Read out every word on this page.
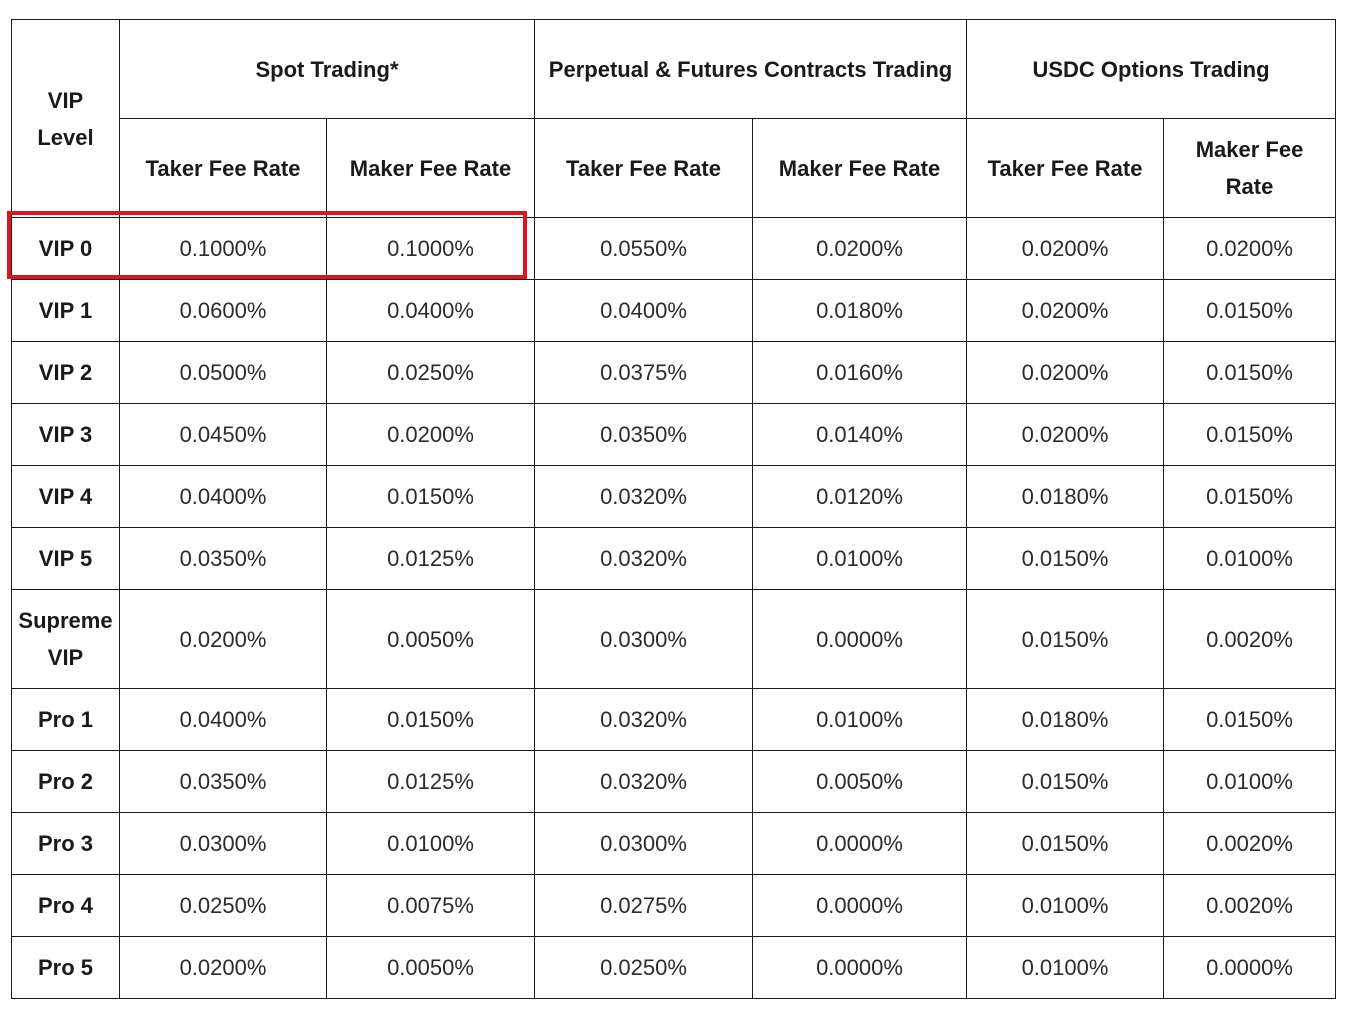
VIP Level	Spot Trading*		Perpetual & Futures Contracts Trading		USDC Options Trading	
	Taker Fee Rate	Maker Fee Rate	Taker Fee Rate	Maker Fee Rate	Taker Fee Rate	Maker Fee Rate
VIP 0	0.1000%	0.1000%	0.0550%	0.0200%	0.0200%	0.0200%
VIP 1	0.0600%	0.0400%	0.0400%	0.0180%	0.0200%	0.0150%
VIP 2	0.0500%	0.0250%	0.0375%	0.0160%	0.0200%	0.0150%
VIP 3	0.0450%	0.0200%	0.0350%	0.0140%	0.0200%	0.0150%
VIP 4	0.0400%	0.0150%	0.0320%	0.0120%	0.0180%	0.0150%
VIP 5	0.0350%	0.0125%	0.0320%	0.0100%	0.0150%	0.0100%
Supreme VIP	0.0200%	0.0050%	0.0300%	0.0000%	0.0150%	0.0020%
Pro 1	0.0400%	0.0150%	0.0320%	0.0100%	0.0180%	0.0150%
Pro 2	0.0350%	0.0125%	0.0320%	0.0050%	0.0150%	0.0100%
Pro 3	0.0300%	0.0100%	0.0300%	0.0000%	0.0150%	0.0020%
Pro 4	0.0250%	0.0075%	0.0275%	0.0000%	0.0100%	0.0020%
Pro 5	0.0200%	0.0050%	0.0250%	0.0000%	0.0100%	0.0000%
